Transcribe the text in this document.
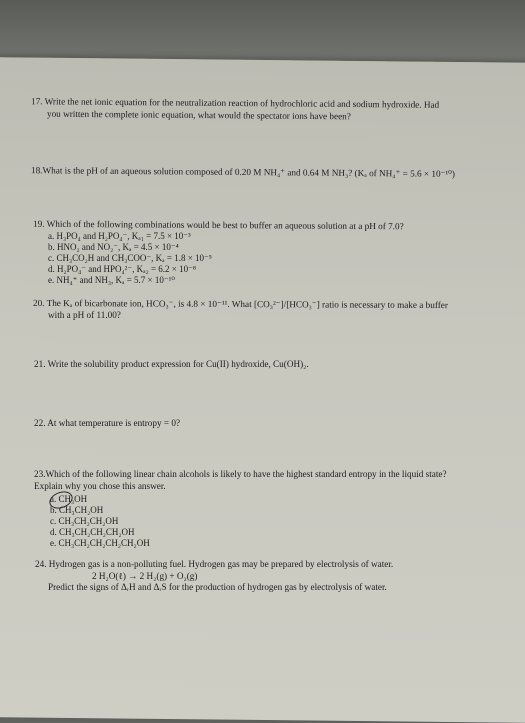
17. Write the net ionic equation for the neutralization reaction of hydrochloric acid and sodium hydroxide. Had
you written the complete ionic equation, what would the spectator ions have been?
18.What is the pH of an aqueous solution composed of 0.20 M NH₄⁺ and 0.64 M NH₃? (Kₐ of NH₄⁺ = 5.6 × 10⁻¹⁰)
19. Which of the following combinations would be best to buffer an aqueous solution at a pH of 7.0?
a. H₃PO₄ and H₂PO₄⁻, Kₐ₁ = 7.5 × 10⁻³
b. HNO₂ and NO₂⁻, Kₐ = 4.5 × 10⁻⁴
c. CH₃CO₂H and CH₃COO⁻, Kₐ = 1.8 × 10⁻⁵
d. H₂PO₄⁻ and HPO₄²⁻, Kₐ₂ = 6.2 × 10⁻⁸
e. NH₄⁺ and NH₃, Kₐ = 5.7 × 10⁻¹⁰
20. The Kₐ of bicarbonate ion, HCO₃⁻, is 4.8 × 10⁻¹¹. What [CO₃²⁻]/[HCO₃⁻] ratio is necessary to make a buffer
with a pH of 11.00?
21. Write the solubility product expression for Cu(II) hydroxide, Cu(OH)₂.
22. At what temperature is entropy = 0?
23.Which of the following linear chain alcohols is likely to have the highest standard entropy in the liquid state?
Explain why you chose this answer.
a. CH₃OH
b. CH₃CH₂OH
c. CH₃CH₂CH₂OH
d. CH₃CH₂CH₂CH₂OH
e. CH₃CH₂CH₂CH₂CH₂OH
24. Hydrogen gas is a non-polluting fuel. Hydrogen gas may be prepared by electrolysis of water.
2 H₂O(ℓ) → 2 H₂(g) + O₂(g)
Predict the signs of ΔᵣH and ΔᵣS for the production of hydrogen gas by electrolysis of water.
